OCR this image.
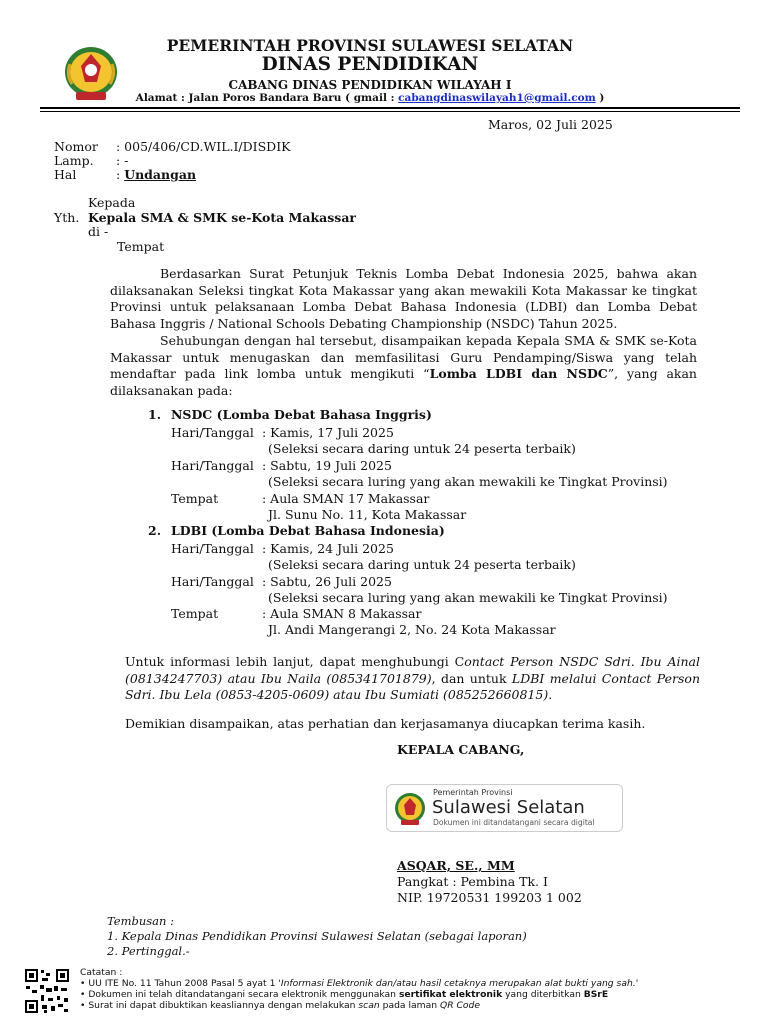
PEMERINTAH PROVINSI SULAWESI SELATAN
DINAS PENDIDIKAN
CABANG DINAS PENDIDIKAN WILAYAH I
Alamat : Jalan Poros Bandara Baru ( gmail : cabangdinaswilayah1@gmail.com )
Maros, 02 Juli 2025
Nomor : 005/406/CD.WIL.I/DISDIK
Lamp. : -
Hal	: Undangan
Kepada
Yth. Kepala SMA & SMK se-Kota Makassar
di -
Tempat
Berdasarkan Surat Petunjuk Teknis Lomba Debat Indonesia 2025, bahwa akan dilaksanakan Seleksi tingkat Kota Makassar yang akan mewakili Kota Makassar ke tingkat Provinsi untuk pelaksanaan Lomba Debat Bahasa Indonesia (LDBI) dan Lomba Debat Bahasa Inggris / National Schools Debating Championship (NSDC) Tahun 2025.
Sehubungan dengan hal tersebut, disampaikan kepada Kepala SMA & SMK se-Kota Makassar untuk menugaskan dan memfasilitasi Guru Pendamping/Siswa yang telah mendaftar pada link lomba untuk mengikuti “Lomba LDBI dan NSDC”, yang akan dilaksanakan pada:
1. NSDC (Lomba Debat Bahasa Inggris)
Hari/Tanggal : Kamis, 17 Juli 2025
(Seleksi secara daring untuk 24 peserta terbaik)
Hari/Tanggal : Sabtu, 19 Juli 2025
(Seleksi secara luring yang akan mewakili ke Tingkat Provinsi)
Tempat	: Aula SMAN 17 Makassar
Jl. Sunu No. 11, Kota Makassar
2. LDBI (Lomba Debat Bahasa Indonesia)
Hari/Tanggal : Kamis, 24 Juli 2025
(Seleksi secara daring untuk 24 peserta terbaik)
Hari/Tanggal : Sabtu, 26 Juli 2025
(Seleksi secara luring yang akan mewakili ke Tingkat Provinsi)
Tempat	: Aula SMAN 8 Makassar
Jl. Andi Mangerangi 2, No. 24 Kota Makassar
Untuk informasi lebih lanjut, dapat menghubungi Contact Person NSDC Sdri. Ibu Ainal (08134247703) atau Ibu Naila (085341701879), dan untuk LDBI melalui Contact Person Sdri. Ibu Lela (0853-4205-0609) atau Ibu Sumiati (085252660815).
Demikian disampaikan, atas perhatian dan kerjasamanya diucapkan terima kasih.
KEPALA CABANG,
Pemerintah Provinsi
Sulawesi Selatan
Dokumen ini ditandatangani secara digital
ASQAR, SE., MM
Pangkat : Pembina Tk. I
NIP. 19720531 199203 1 002
Tembusan :
1. Kepala Dinas Pendidikan Provinsi Sulawesi Selatan (sebagai laporan)
2. Pertinggal.-
Catatan :
• UU ITE No. 11 Tahun 2008 Pasal 5 ayat 1 'Informasi Elektronik dan/atau hasil cetaknya merupakan alat bukti yang sah.'
• Dokumen ini telah ditandatangani secara elektronik menggunakan sertifikat elektronik yang diterbitkan BSrE
• Surat ini dapat dibuktikan keasliannya dengan melakukan scan pada laman QR Code
